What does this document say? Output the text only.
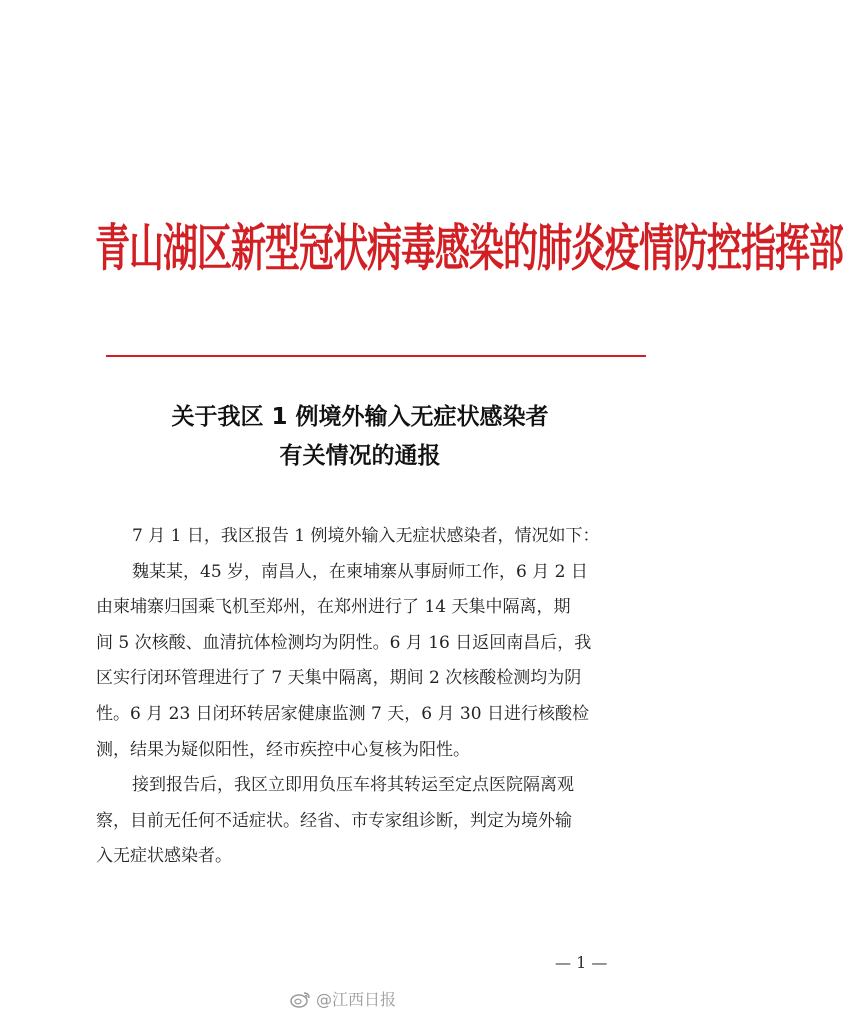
青山湖区新型冠状病毒感染的肺炎疫情防控指挥部
关于我区 1 例境外输入无症状感染者
有关情况的通报
7 月 1 日，我区报告 1 例境外输入无症状感染者，情况如下：
魏某某，45 岁，南昌人，在柬埔寨从事厨师工作，6 月 2 日
由柬埔寨归国乘飞机至郑州，在郑州进行了 14 天集中隔离，期
间 5 次核酸、血清抗体检测均为阴性。6 月 16 日返回南昌后，我
区实行闭环管理进行了 7 天集中隔离，期间 2 次核酸检测均为阴
性。6 月 23 日闭环转居家健康监测 7 天，6 月 30 日进行核酸检
测，结果为疑似阳性，经市疾控中心复核为阳性。
接到报告后，我区立即用负压车将其转运至定点医院隔离观
察，目前无任何不适症状。经省、市专家组诊断，判定为境外输
入无症状感染者。
— 1 —
@江西日报
